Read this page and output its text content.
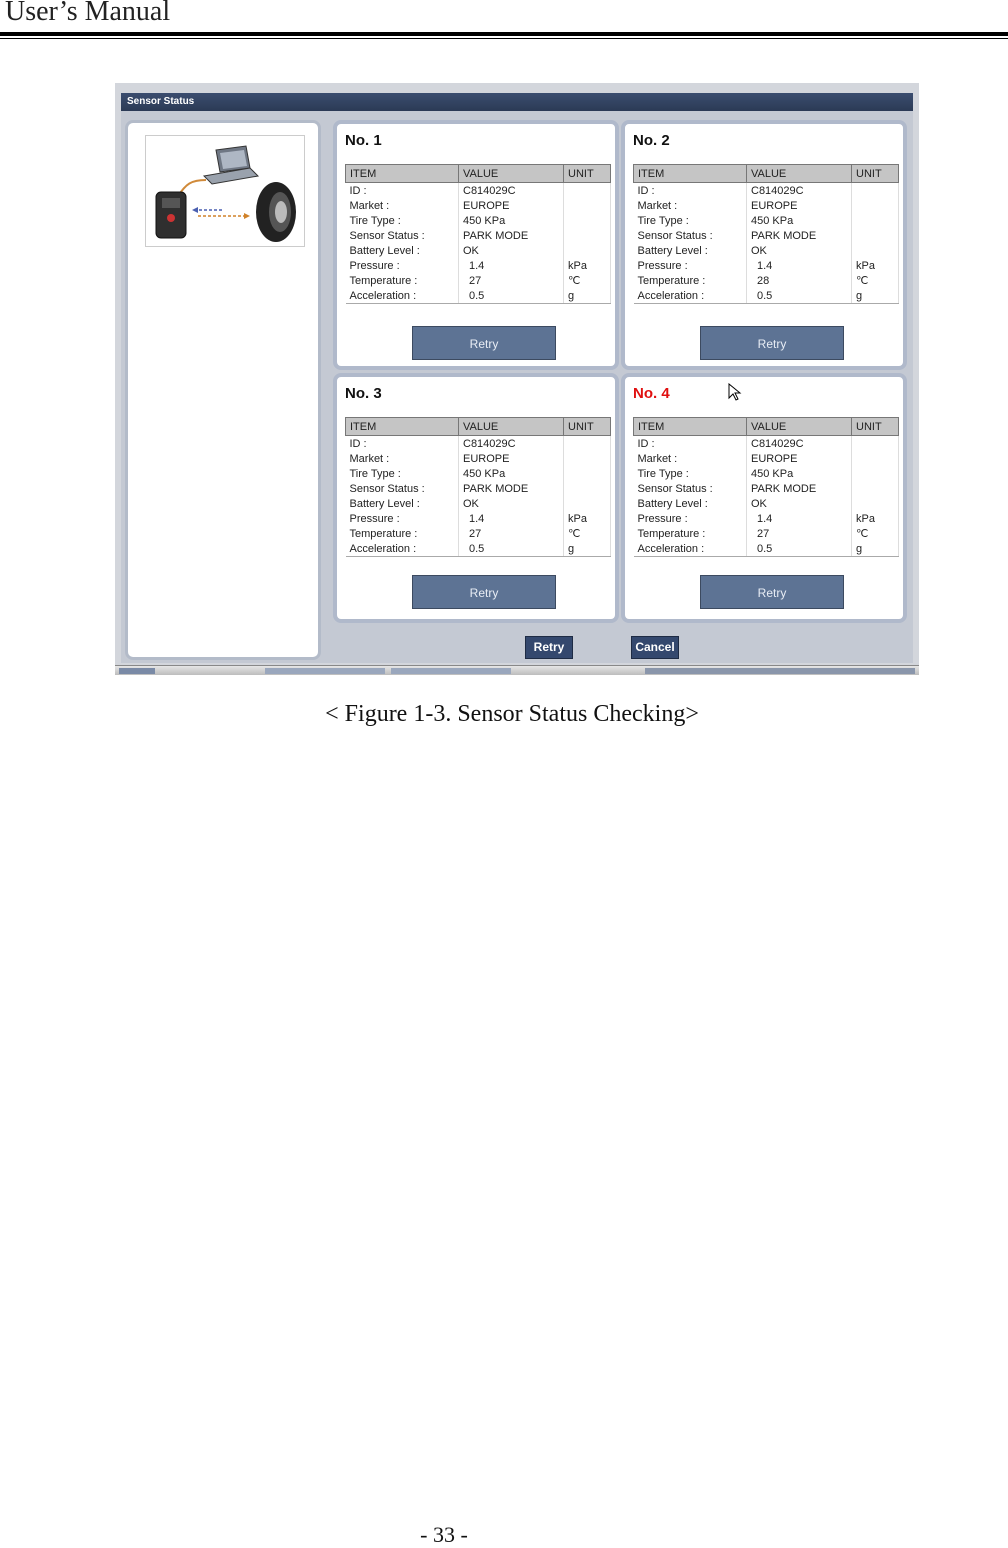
User’s Manual
Sensor Status
No. 1
ITEM	VALUE	UNIT
ID :	C814029C	
Market :	EUROPE	
Tire Type :	450 KPa	
Sensor Status :	PARK MODE	
Battery Level :	OK	
Pressure :	1.4	kPa
Temperature :	27	℃
Acceleration :	0.5	g
Retry
No. 2
ITEM	VALUE	UNIT
ID :	C814029C	
Market :	EUROPE	
Tire Type :	450 KPa	
Sensor Status :	PARK MODE	
Battery Level :	OK	
Pressure :	1.4	kPa
Temperature :	28	℃
Acceleration :	0.5	g
Retry
No. 3
ITEM	VALUE	UNIT
ID :	C814029C	
Market :	EUROPE	
Tire Type :	450 KPa	
Sensor Status :	PARK MODE	
Battery Level :	OK	
Pressure :	1.4	kPa
Temperature :	27	℃
Acceleration :	0.5	g
Retry
No. 4
ITEM	VALUE	UNIT
ID :	C814029C	
Market :	EUROPE	
Tire Type :	450 KPa	
Sensor Status :	PARK MODE	
Battery Level :	OK	
Pressure :	1.4	kPa
Temperature :	27	℃
Acceleration :	0.5	g
Retry
Retry	Cancel
< Figure 1-3. Sensor Status Checking>
- 33 -
